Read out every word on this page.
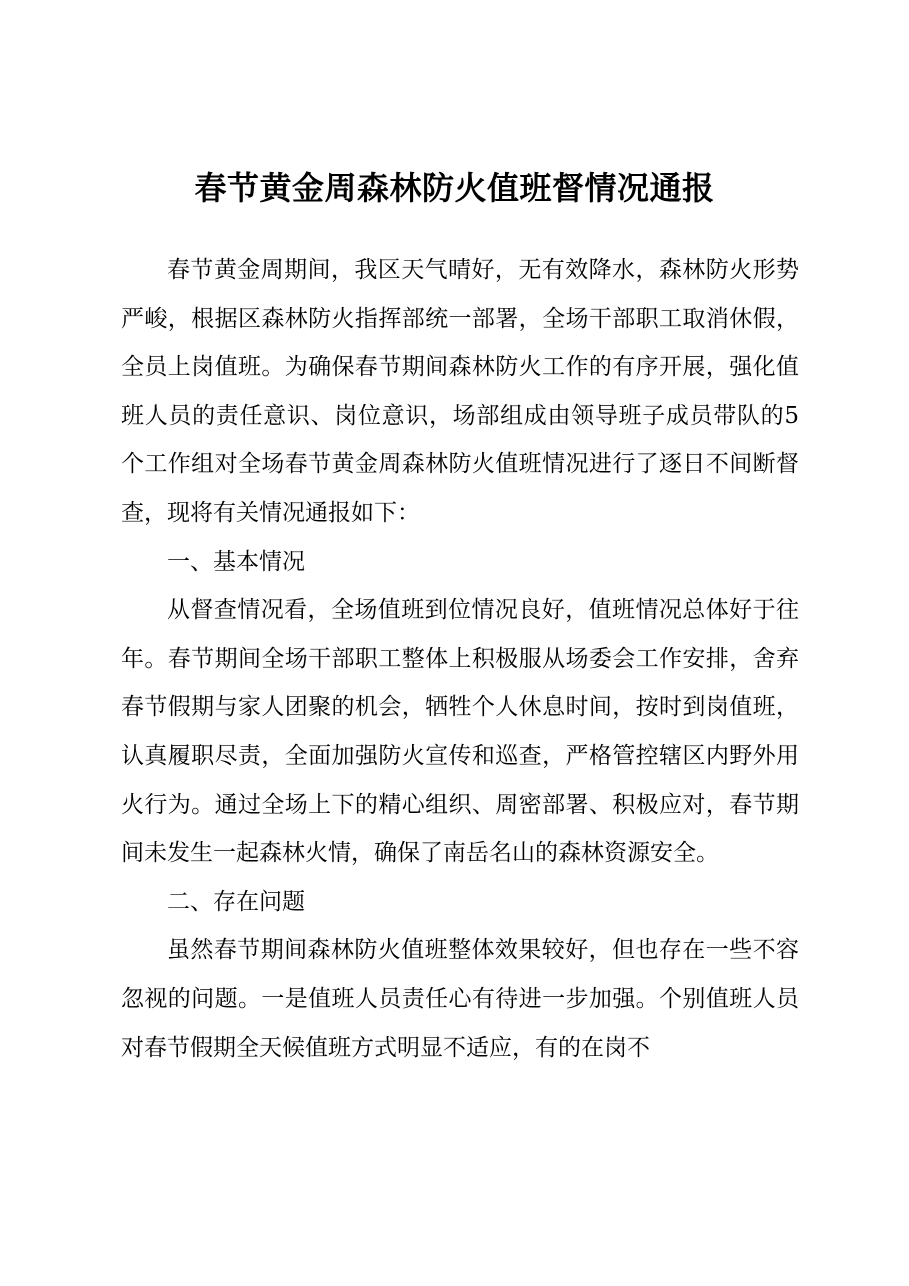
春节黄金周森林防火值班督情况通报

春节黄金周期间，我区天气晴好，无有效降水，森林防火形势严峻，根据区森林防火指挥部统一部署，全场干部职工取消休假，全员上岗值班。为确保春节期间森林防火工作的有序开展，强化值班人员的责任意识、岗位意识，场部组成由领导班子成员带队的5个工作组对全场春节黄金周森林防火值班情况进行了逐日不间断督查，现将有关情况通报如下：

一、基本情况

从督查情况看，全场值班到位情况良好，值班情况总体好于往年。春节期间全场干部职工整体上积极服从场委会工作安排，舍弃春节假期与家人团聚的机会，牺牲个人休息时间，按时到岗值班，认真履职尽责，全面加强防火宣传和巡查，严格管控辖区内野外用火行为。通过全场上下的精心组织、周密部署、积极应对，春节期间未发生一起森林火情，确保了南岳名山的森林资源安全。

二、存在问题

虽然春节期间森林防火值班整体效果较好，但也存在一些不容忽视的问题。一是值班人员责任心有待进一步加强。个别值班人员对春节假期全天候值班方式明显不适应，有的在岗不
